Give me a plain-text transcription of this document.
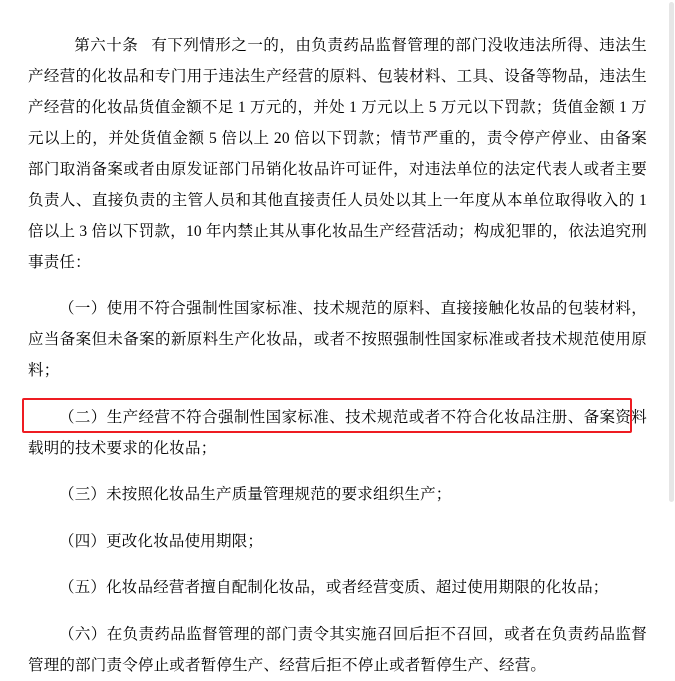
第六十条 有下列情形之一的，由负责药品监督管理的部门没收违法所得、违法生产经营的化妆品和专门用于违法生产经营的原料、包装材料、工具、设备等物品，违法生产经营的化妆品货值金额不足 1 万元的，并处 1 万元以上 5 万元以下罚款；货值金额 1 万元以上的，并处货值金额 5 倍以上 20 倍以下罚款；情节严重的，责令停产停业、由备案部门取消备案或者由原发证部门吊销化妆品许可证件，对违法单位的法定代表人或者主要负责人、直接负责的主管人员和其他直接责任人员处以其上一年度从本单位取得收入的 1 倍以上 3 倍以下罚款，10 年内禁止其从事化妆品生产经营活动；构成犯罪的，依法追究刑事责任：

（一）使用不符合强制性国家标准、技术规范的原料、直接接触化妆品的包装材料，应当备案但未备案的新原料生产化妆品，或者不按照强制性国家标准或者技术规范使用原料；

（二）生产经营不符合强制性国家标准、技术规范或者不符合化妆品注册、备案资料载明的技术要求的化妆品；

（三）未按照化妆品生产质量管理规范的要求组织生产；

（四）更改化妆品使用期限；

（五）化妆品经营者擅自配制化妆品，或者经营变质、超过使用期限的化妆品；

（六）在负责药品监督管理的部门责令其实施召回后拒不召回，或者在负责药品监督管理的部门责令停止或者暂停生产、经营后拒不停止或者暂停生产、经营。
